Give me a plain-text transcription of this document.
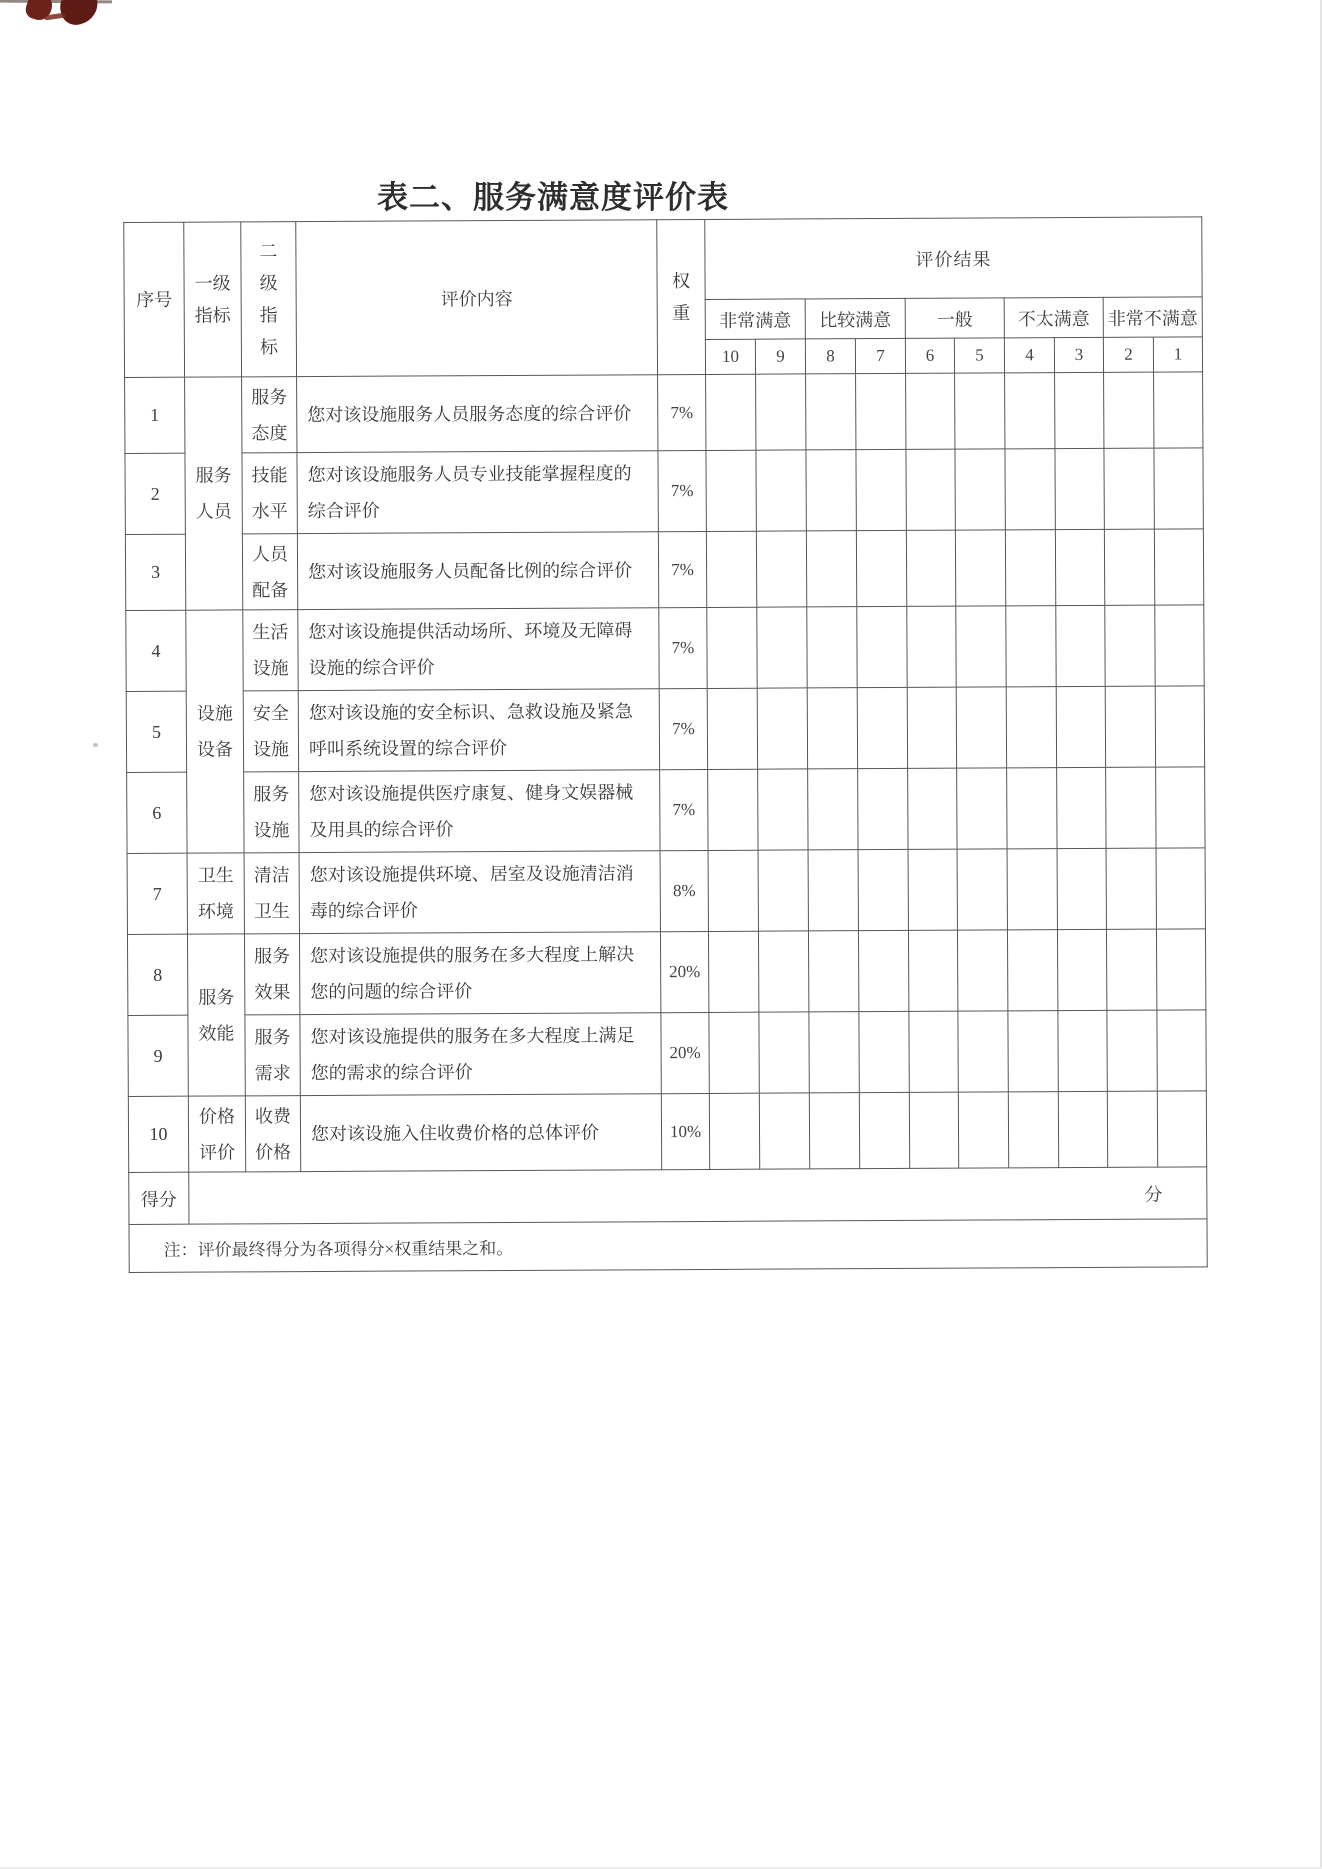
表二、服务满意度评价表
序号	一级指标	二级指标	评价内容	权重	评价结果									
					非常满意		比较满意		一般		不太满意		非常不满意	
					10	9	8	7	6	5	4	3	2	1
1	服务人员	服务态度	您对该设施服务人员服务态度的综合评价	7%										
2		技能水平	您对该设施服务人员专业技能掌握程度的综合评价	7%										
3		人员配备	您对该设施服务人员配备比例的综合评价	7%										
4	设施设备	生活设施	您对该设施提供活动场所、环境及无障碍设施的综合评价	7%										
5		安全设施	您对该设施的安全标识、急救设施及紧急呼叫系统设置的综合评价	7%										
6		服务设施	您对该设施提供医疗康复、健身文娱器械及用具的综合评价	7%										
7	卫生环境	清洁卫生	您对该设施提供环境、居室及设施清洁消毒的综合评价	8%										
8	服务效能	服务效果	您对该设施提供的服务在多大程度上解决您的问题的综合评价	20%										
9		服务需求	您对该设施提供的服务在多大程度上满足您的需求的综合评价	20%										
10	价格评价	收费价格	您对该设施入住收费价格的总体评价	10%										
得分	分													
注：评价最终得分为各项得分×权重结果之和。														
